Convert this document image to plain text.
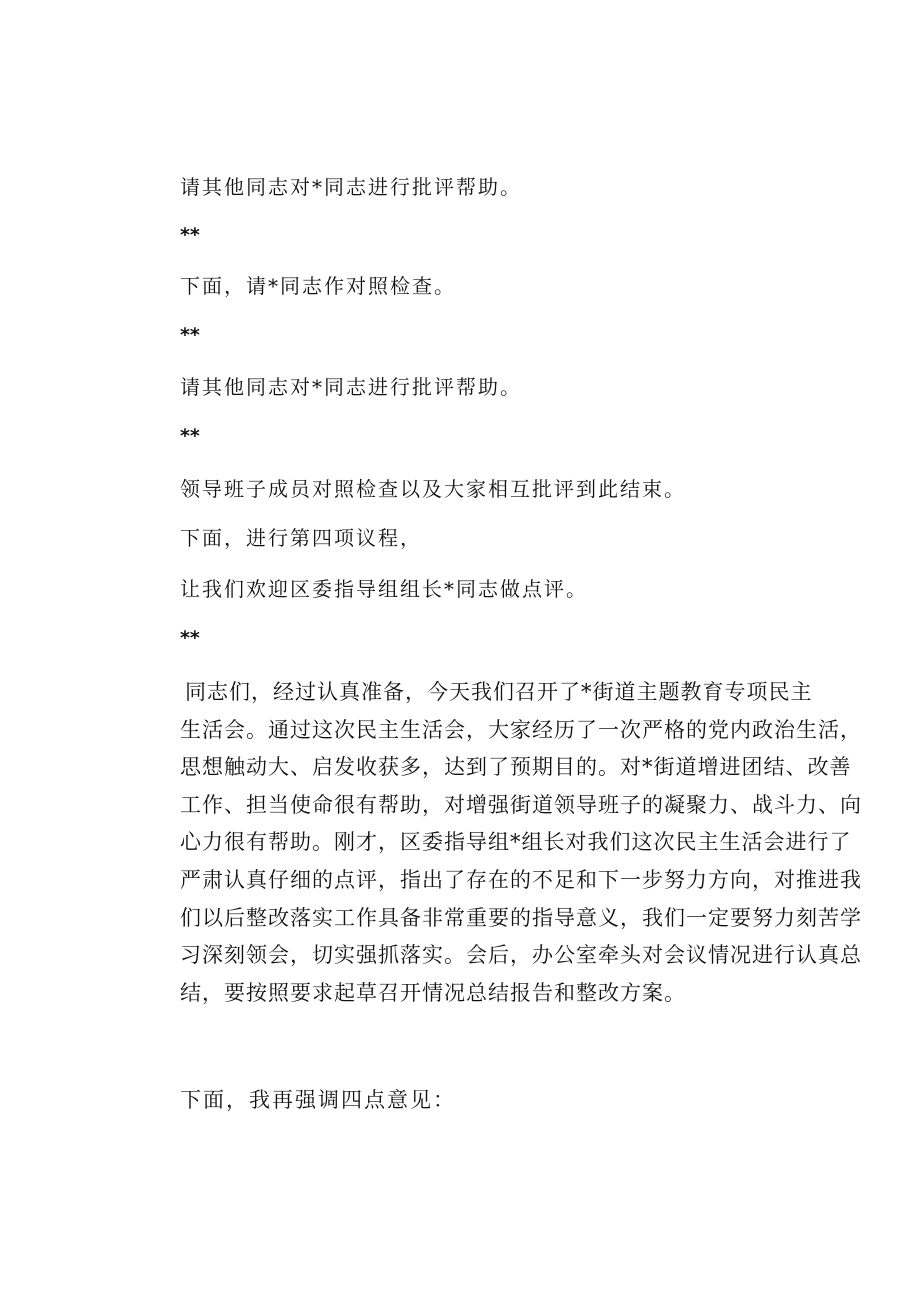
请其他同志对*同志进行批评帮助。
**
下面，请*同志作对照检查。
**
请其他同志对*同志进行批评帮助。
**
领导班子成员对照检查以及大家相互批评到此结束。
下面，进行第四项议程，
让我们欢迎区委指导组组长*同志做点评。
**
同志们，经过认真准备，今天我们召开了*街道主题教育专项民主
生活会。通过这次民主生活会，大家经历了一次严格的党内政治生活，
思想触动大、启发收获多，达到了预期目的。对*街道增进团结、改善
工作、担当使命很有帮助，对增强街道领导班子的凝聚力、战斗力、向
心力很有帮助。刚才，区委指导组*组长对我们这次民主生活会进行了
严肃认真仔细的点评，指出了存在的不足和下一步努力方向，对推进我
们以后整改落实工作具备非常重要的指导意义，我们一定要努力刻苦学
习深刻领会，切实强抓落实。会后，办公室牵头对会议情况进行认真总
结，要按照要求起草召开情况总结报告和整改方案。
下面，我再强调四点意见：
